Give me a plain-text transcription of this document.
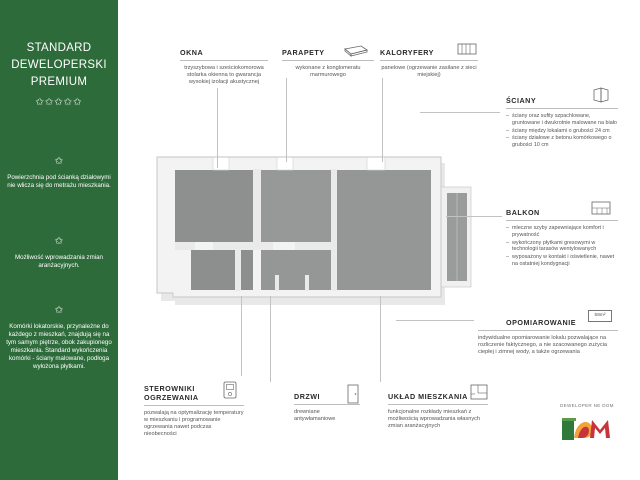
STANDARD
DEWELOPERSKI
PREMIUM
✩✩✩✩✩
✩
Powierzchnia pod ścianką działowymi nie wlicza się do metrażu mieszkania.
✩
Możliwość wprowadzania zmian aranżacyjnych.
✩
Komórki lokatorskie, przynależne do każdego z mieszkań, znajdują się na tym samym piętrze, obok zakupionego mieszkania. Standard wykończenia komórki - ściany malowane, podłoga wyłożona płytkami.
OKNA
trzyszybowa i sześciokomorowa stolarka okienna to gwarancja wysokiej izolacji akustycznej
PARAPETY
wykonane z konglomeratu marmurowego
KALORYFERY
panelowe (ogrzewanie zasilane z sieci miejskiej)
ŚCIANY
– ściany oraz sufity szpachlowane, gruntowane i dwukrotnie malowane na biało
– ściany między lokalami o grubości 24 cm
– ściany działowe z betonu komórkowego o grubości 10 cm
BALKON
– mleczne szyby zapewniające komfort i prywatność
– wykończony płytkami gresowymi w technologii tarasów wentylowanych
– wyposażony w kontakt i oświetlenie, nawet na ostatniej kondygnacji
OPOMIAROWANIE
indywidualne opomiarowanie lokalu pozwalające na rozliczenie faktycznego, a nie szacowanego zużycia ciepłej i zimnej wody, a także ogrzewania
58m²
STEROWNIKI OGRZEWANIA
pozwalają na optymalizację temperatury w mieszkaniu i programowanie ogrzewania nawet podczas nieobecności
DRZWI
drewniane antywłamaniowe
UKŁAD MIESZKANIA
funkcjonalne rozkłady mieszkań z możliwością wprowadzania własnych zmian aranżacyjnych
DEWELOPER NE DOM
